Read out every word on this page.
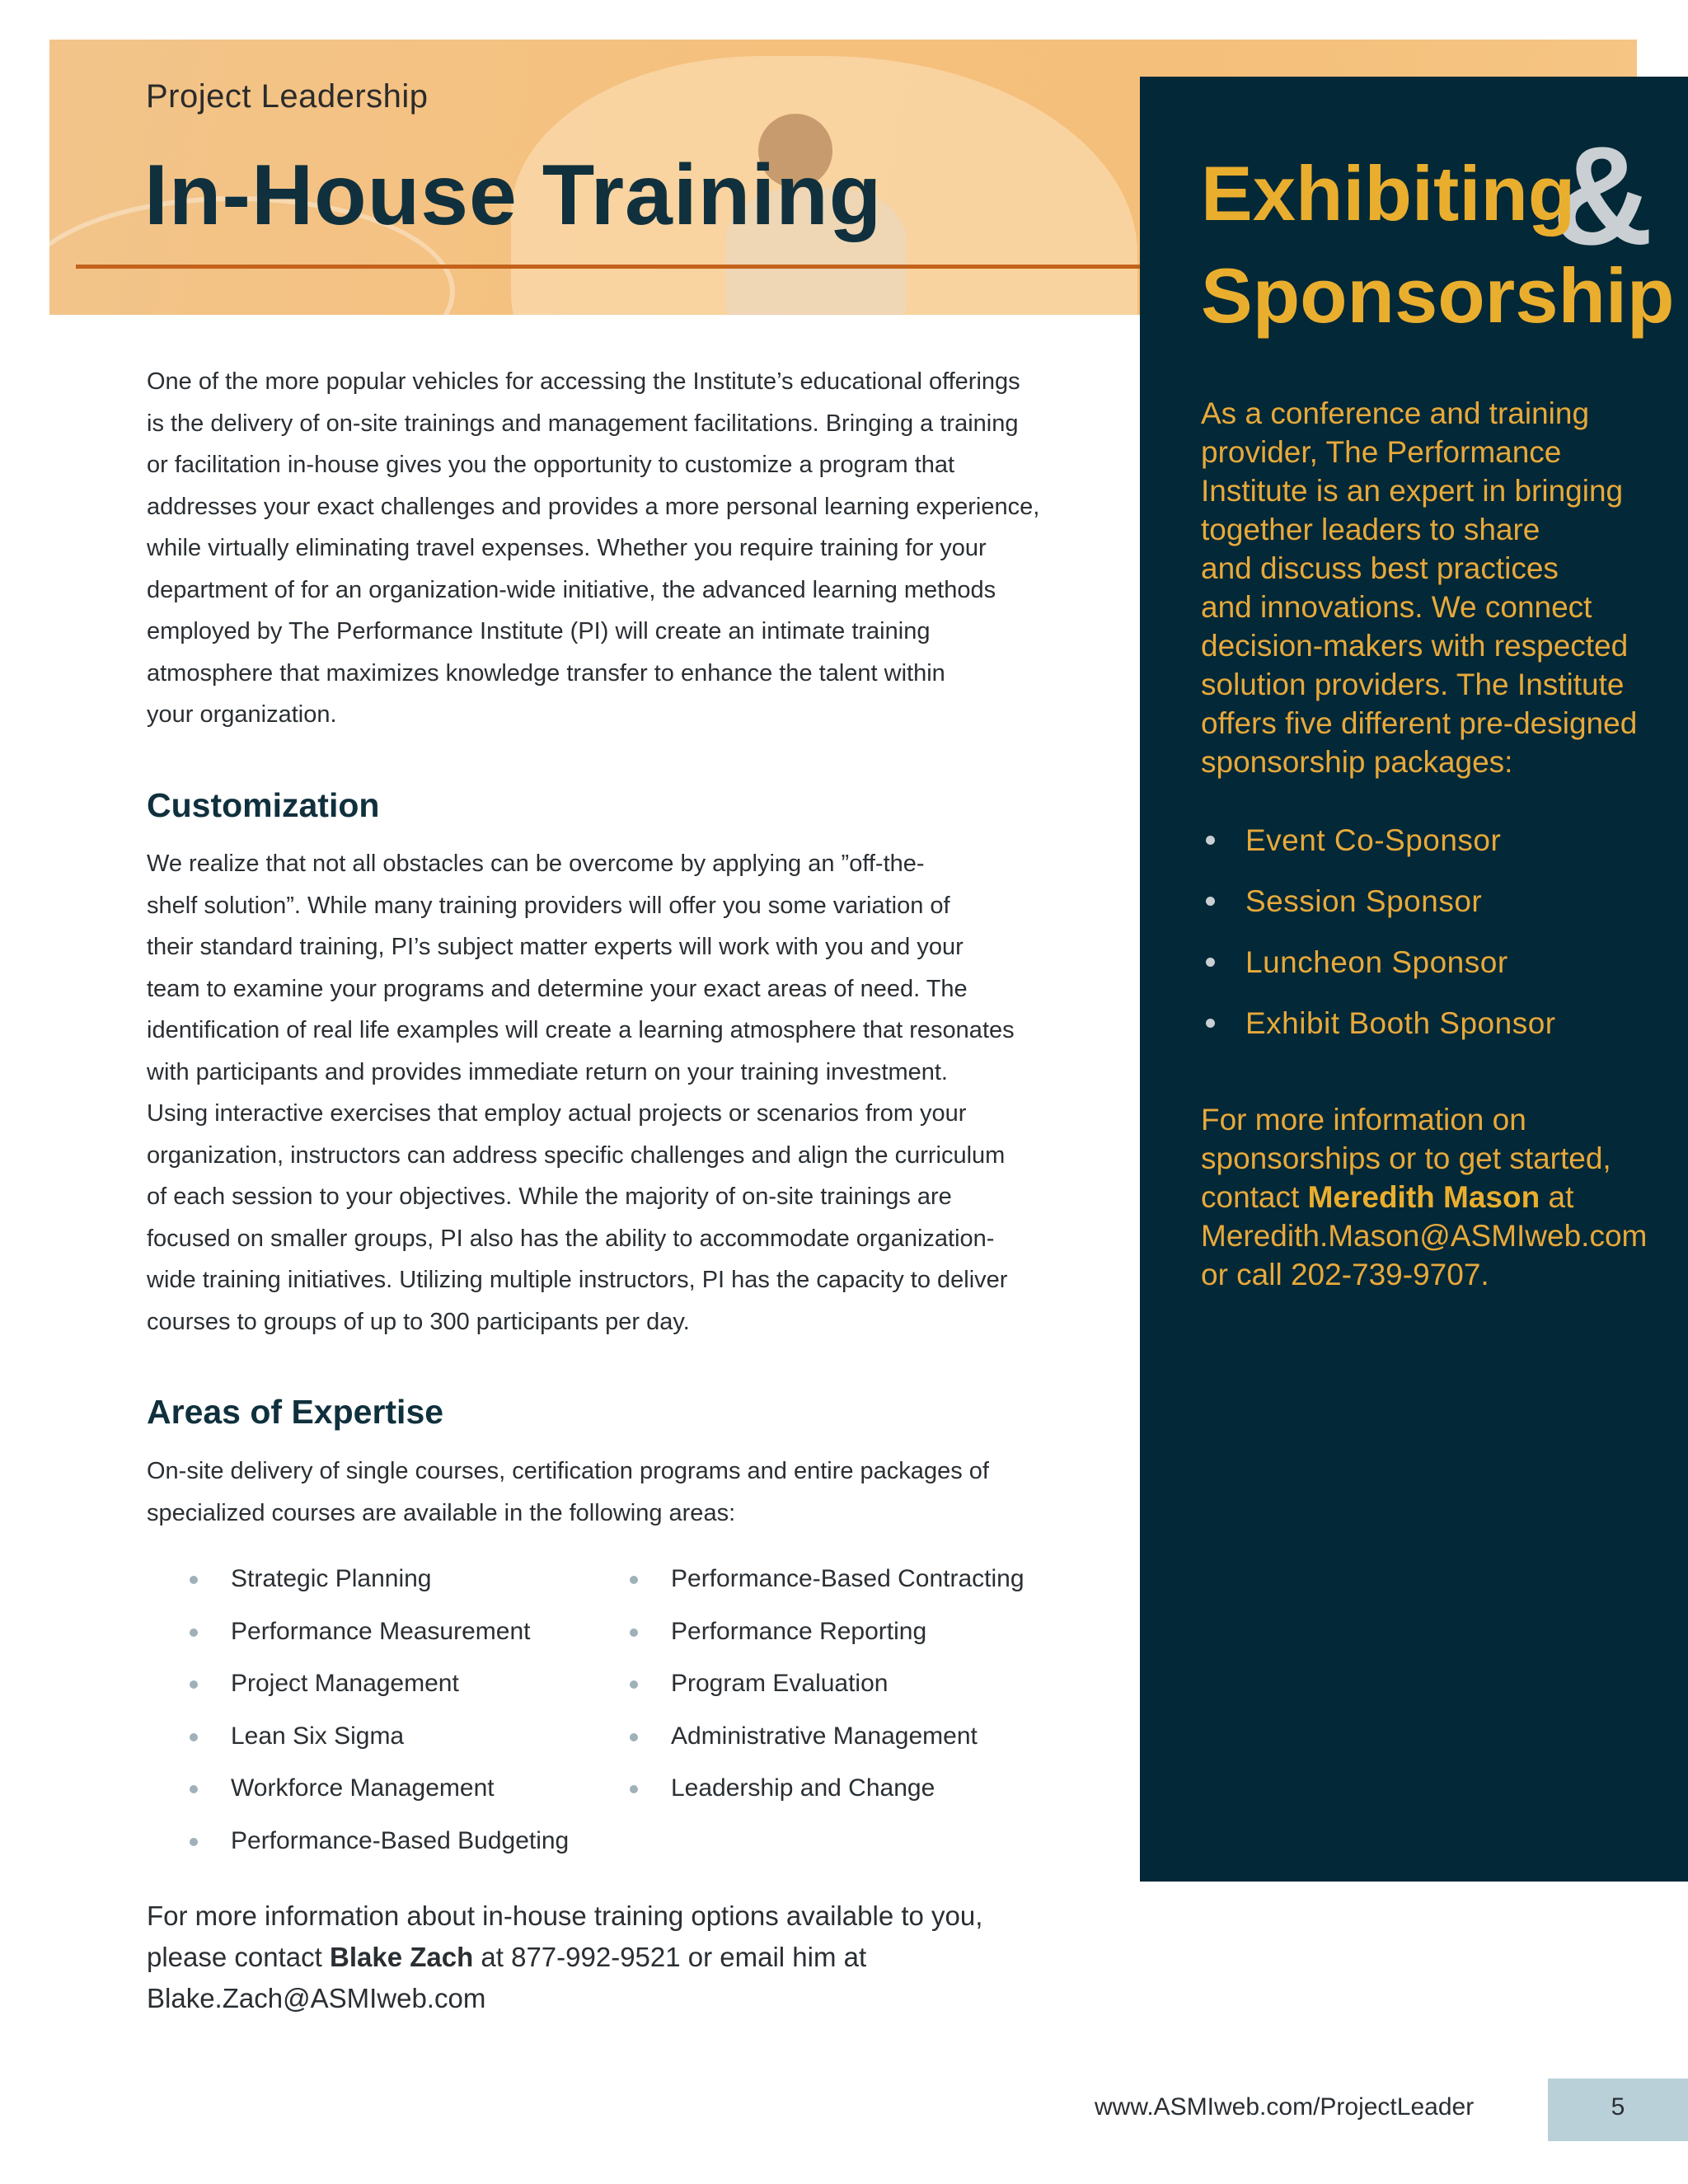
Project Leadership
In-House Training

One of the more popular vehicles for accessing the Institute’s educational offerings

is the delivery of on-site trainings and management facilitations. Bringing a training

or facilitation in-house gives you the opportunity to customize a program that

addresses your exact challenges and provides a more personal learning experience,

while virtually eliminating travel expenses. Whether you require training for your

department of for an organization-wide initiative, the advanced learning methods

employed by The Performance Institute (PI) will create an intimate training

atmosphere that maximizes knowledge transfer to enhance the talent within

your organization.

Customization

We realize that not all obstacles can be overcome by applying an ”off-the-

shelf solution”. While many training providers will offer you some variation of

their standard training, PI’s subject matter experts will work with you and your

team to examine your programs and determine your exact areas of need. The

identification of real life examples will create a learning atmosphere that resonates

with participants and provides immediate return on your training investment.

Using interactive exercises that employ actual projects or scenarios from your

organization, instructors can address specific challenges and align the curriculum

of each session to your objectives. While the majority of on-site trainings are

focused on smaller groups, PI also has the ability to accommodate organization-

wide training initiatives. Utilizing multiple instructors, PI has the capacity to deliver

courses to groups of up to 300 participants per day.

Areas of Expertise

On-site delivery of single courses, certification programs and entire packages of

specialized courses are available in the following areas:

Strategic Planning
Performance Measurement
Project Management
Lean Six Sigma
Workforce Management
Performance-Based Budgeting
Performance-Based Contracting
Performance Reporting
Program Evaluation
Administrative Management
Leadership and Change

For more information about in-house training options available to you,

please contact Blake Zach at 877-992-9521 or email him at

Blake.Zach@ASMIweb.com

&
Exhibiting
Sponsorship
As a conference and training
provider, The Performance
Institute is an expert in bringing
together leaders to share
and discuss best practices
and innovations. We connect
decision-makers with respected
solution providers. The Institute
offers five different pre-designed
sponsorship packages:
Event Co-Sponsor
Session Sponsor
Luncheon Sponsor
Exhibit Booth Sponsor
For more information on
sponsorships or to get started,
contact Meredith Mason at
Meredith.Mason@ASMIweb.com
or call 202-739-9707.
www.ASMIweb.com/ProjectLeader	5
